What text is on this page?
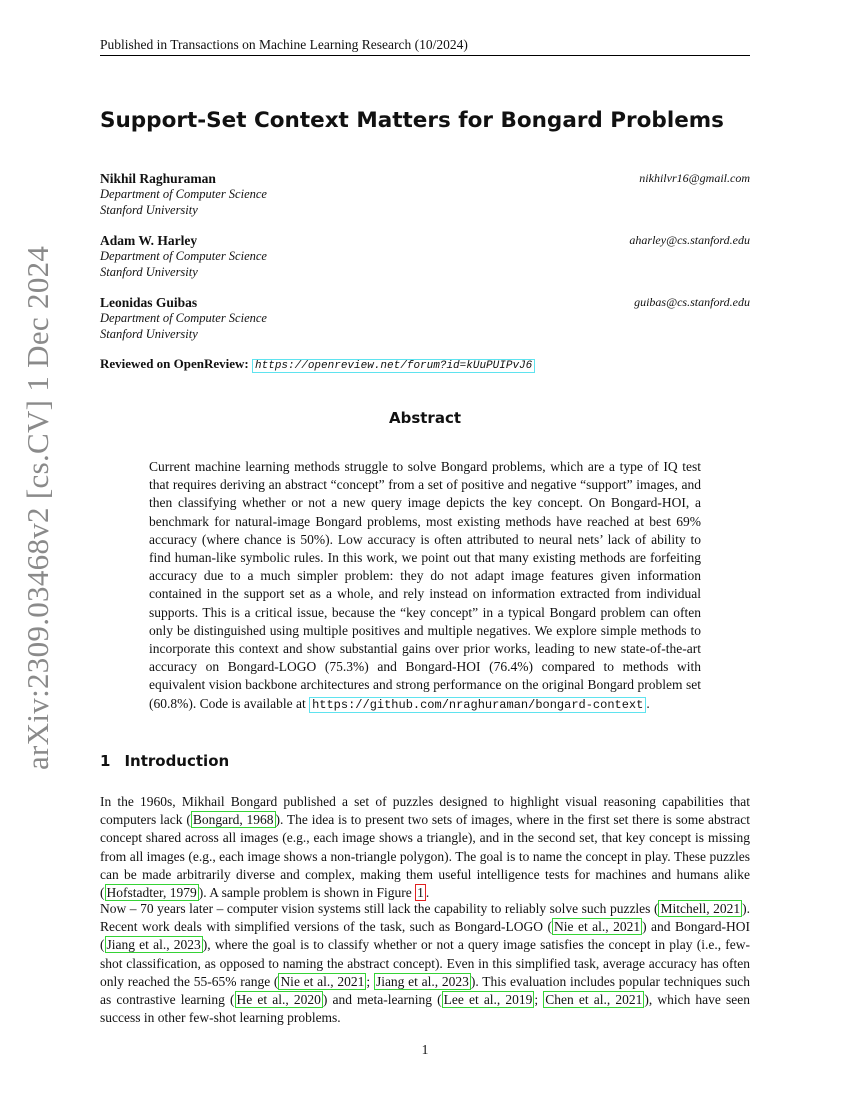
Published in Transactions on Machine Learning Research (10/2024)
arXiv:2309.03468v2 [cs.CV] 1 Dec 2024
Support-Set Context Matters for Bongard Problems
Nikhil Raghuraman	nikhilvr16@gmail.com
Department of Computer Science
Stanford University
Adam W. Harley	aharley@cs.stanford.edu
Department of Computer Science
Stanford University
Leonidas Guibas	guibas@cs.stanford.edu
Department of Computer Science
Stanford University
Reviewed on OpenReview: https://openreview.net/forum?id=kUuPUIPvJ6
Abstract

Current machine learning methods struggle to solve Bongard problems, which are a type of IQ test that requires deriving an abstract “concept” from a set of positive and negative “support” images, and then classifying whether or not a new query image depicts the key concept. On Bongard-HOI, a benchmark for natural-image Bongard problems, most existing methods have reached at best 69% accuracy (where chance is 50%). Low accuracy is often attributed to neural nets’ lack of ability to find human-like symbolic rules. In this work, we point out that many existing methods are forfeiting accuracy due to a much simpler problem: they do not adapt image features given information contained in the support set as a whole, and rely instead on information extracted from individual supports. This is a critical issue, because the “key concept” in a typical Bongard problem can often only be distinguished using multiple positives and multiple negatives. We explore simple methods to incorporate this context and show substantial gains over prior works, leading to new state-of-the-art accuracy on Bongard-LOGO (75.3%) and Bongard-HOI (76.4%) compared to methods with equivalent vision backbone architectures and strong performance on the original Bongard problem set (60.8%). Code is available at https://github.com/nraghuraman/bongard-context .

1 Introduction

In the 1960s, Mikhail Bongard published a set of puzzles designed to highlight visual reasoning capabilities that computers lack ( Bongard, 1968 ). The idea is to present two sets of images, where in the first set there is some abstract concept shared across all images (e.g., each image shows a triangle), and in the second set, that key concept is missing from all images (e.g., each image shows a non-triangle polygon). The goal is to name the concept in play. These puzzles can be made arbitrarily diverse and complex, making them useful intelligence tests for machines and humans alike ( Hofstadter, 1979 ). A sample problem is shown in Figure 1 .

Now – 70 years later – computer vision systems still lack the capability to reliably solve such puzzles ( Mitchell, 2021 ). Recent work deals with simplified versions of the task, such as Bongard-LOGO ( Nie et al., 2021 ) and Bongard-HOI ( Jiang et al., 2023 ), where the goal is to classify whether or not a query image satisfies the concept in play (i.e., few-shot classification, as opposed to naming the abstract concept). Even in this simplified task, average accuracy has often only reached the 55-65% range ( Nie et al., 2021 ; Jiang et al., 2023 ). This evaluation includes popular techniques such as contrastive learning ( He et al., 2020 ) and meta-learning ( Lee et al., 2019 ; Chen et al., 2021 ), which have seen success in other few-shot learning problems.

1
